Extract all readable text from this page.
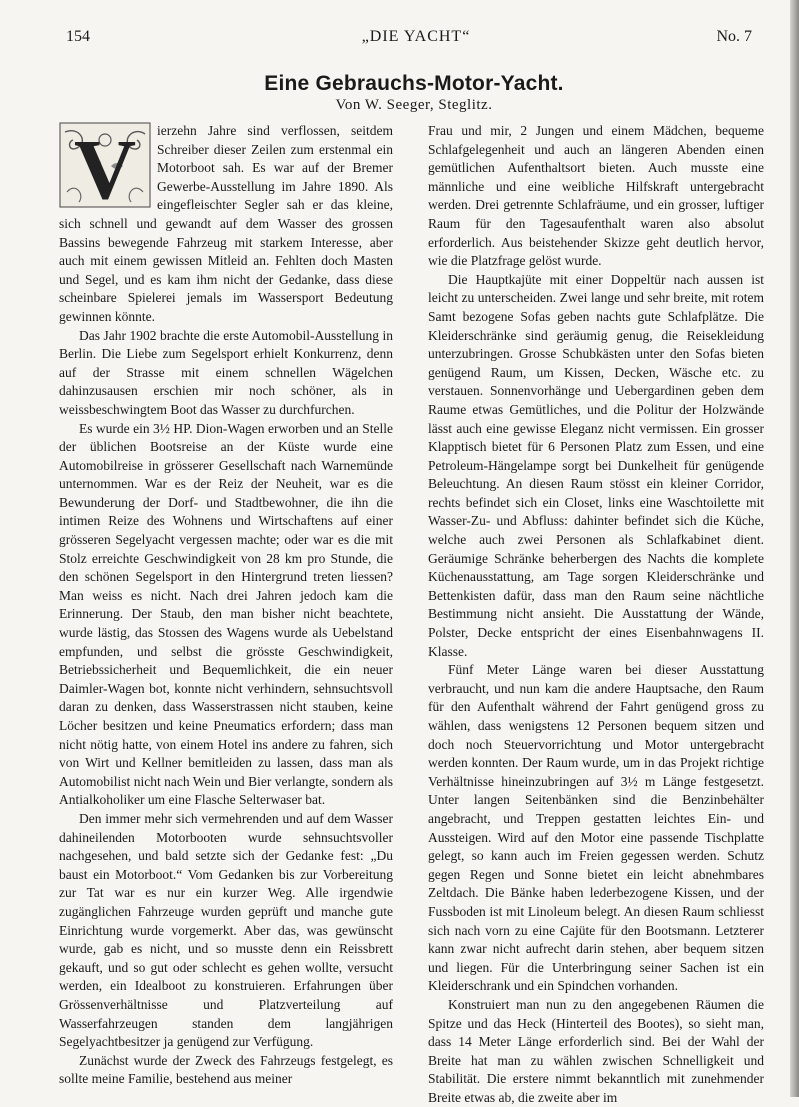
154	„DIE YACHT“	No. 7
Eine Gebrauchs-Motor-Yacht.
Von W. Seeger, Steglitz.

V ierzehn Jahre sind verflossen, seitdem Schreiber dieser Zeilen zum erstenmal ein Motorboot sah. Es war auf der Bremer Gewerbe-Ausstellung im Jahre 1890. Als eingefleischter Segler sah er das kleine, sich schnell und gewandt auf dem Wasser des grossen Bassins bewegende Fahrzeug mit starkem Interesse, aber auch mit einem gewissen Mitleid an. Fehlten doch Masten und Segel, und es kam ihm nicht der Gedanke, dass diese scheinbare Spielerei jemals im Wassersport Bedeutung gewinnen könnte.

Das Jahr 1902 brachte die erste Automobil-Ausstellung in Berlin. Die Liebe zum Segelsport erhielt Konkurrenz, denn auf der Strasse mit einem schnellen Wägelchen dahinzusausen erschien mir noch schöner, als in weissbeschwingtem Boot das Wasser zu durchfurchen.

Es wurde ein 3½ HP. Dion-Wagen erworben und an Stelle der üblichen Bootsreise an der Küste wurde eine Automobilreise in grösserer Gesellschaft nach Warnemünde unternommen. War es der Reiz der Neuheit, war es die Bewunderung der Dorf- und Stadtbewohner, die ihn die intimen Reize des Wohnens und Wirtschaftens auf einer grösseren Segelyacht vergessen machte; oder war es die mit Stolz erreichte Geschwindigkeit von 28 km pro Stunde, die den schönen Segelsport in den Hintergrund treten liessen? Man weiss es nicht. Nach drei Jahren jedoch kam die Erinnerung. Der Staub, den man bisher nicht beachtete, wurde lästig, das Stossen des Wagens wurde als Uebelstand empfunden, und selbst die grösste Geschwindigkeit, Betriebssicherheit und Bequemlichkeit, die ein neuer Daimler-Wagen bot, konnte nicht verhindern, sehnsuchtsvoll daran zu denken, dass Wasserstrassen nicht stauben, keine Löcher besitzen und keine Pneumatics erfordern; dass man nicht nötig hatte, von einem Hotel ins andere zu fahren, sich von Wirt und Kellner bemitleiden zu lassen, dass man als Automobilist nicht nach Wein und Bier verlangte, sondern als Antialkoholiker um eine Flasche Selterwaser bat.

Den immer mehr sich vermehrenden und auf dem Wasser dahineilenden Motorbooten wurde sehnsuchtsvoller nachgesehen, und bald setzte sich der Gedanke fest: „Du baust ein Motorboot.“ Vom Gedanken bis zur Vorbereitung zur Tat war es nur ein kurzer Weg. Alle irgendwie zugänglichen Fahrzeuge wurden geprüft und manche gute Einrichtung wurde vorgemerkt. Aber das, was gewünscht wurde, gab es nicht, und so musste denn ein Reissbrett gekauft, und so gut oder schlecht es gehen wollte, versucht werden, ein Idealboot zu konstruieren. Erfahrungen über Grössenverhältnisse und Platzverteilung auf Wasserfahrzeugen standen dem langjährigen Segelyachtbesitzer ja genügend zur Verfügung.

Zunächst wurde der Zweck des Fahrzeugs festgelegt, es sollte meine Familie, bestehend aus meiner

Frau und mir, 2 Jungen und einem Mädchen, bequeme Schlafgelegenheit und auch an längeren Abenden einen gemütlichen Aufenthaltsort bieten. Auch musste eine männliche und eine weibliche Hilfskraft untergebracht werden. Drei getrennte Schlafräume, und ein grosser, luftiger Raum für den Tagesaufenthalt waren also absolut erforderlich. Aus beistehender Skizze geht deutlich hervor, wie die Platzfrage gelöst wurde.

Die Hauptkajüte mit einer Doppeltür nach aussen ist leicht zu unterscheiden. Zwei lange und sehr breite, mit rotem Samt bezogene Sofas geben nachts gute Schlafplätze. Die Kleiderschränke sind geräumig genug, die Reisekleidung unterzubringen. Grosse Schubkästen unter den Sofas bieten genügend Raum, um Kissen, Decken, Wäsche etc. zu verstauen. Sonnenvorhänge und Uebergardinen geben dem Raume etwas Gemütliches, und die Politur der Holzwände lässt auch eine gewisse Eleganz nicht vermissen. Ein grosser Klapptisch bietet für 6 Personen Platz zum Essen, und eine Petroleum-Hängelampe sorgt bei Dunkelheit für genügende Beleuchtung. An diesen Raum stösst ein kleiner Corridor, rechts befindet sich ein Closet, links eine Waschtoilette mit Wasser-Zu- und Abfluss: dahinter befindet sich die Küche, welche auch zwei Personen als Schlafkabinet dient. Geräumige Schränke beherbergen des Nachts die komplete Küchenausstattung, am Tage sorgen Kleiderschränke und Bettenkisten dafür, dass man den Raum seine nächtliche Bestimmung nicht ansieht. Die Ausstattung der Wände, Polster, Decke entspricht der eines Eisenbahnwagens II. Klasse.

Fünf Meter Länge waren bei dieser Ausstattung verbraucht, und nun kam die andere Hauptsache, den Raum für den Aufenthalt während der Fahrt genügend gross zu wählen, dass wenigstens 12 Personen bequem sitzen und doch noch Steuervorrichtung und Motor untergebracht werden konnten. Der Raum wurde, um in das Projekt richtige Verhältnisse hineinzubringen auf 3½ m Länge festgesetzt. Unter langen Seitenbänken sind die Benzinbehälter angebracht, und Treppen gestatten leichtes Ein- und Aussteigen. Wird auf den Motor eine passende Tischplatte gelegt, so kann auch im Freien gegessen werden. Schutz gegen Regen und Sonne bietet ein leicht abnehmbares Zeltdach. Die Bänke haben lederbezogene Kissen, und der Fussboden ist mit Linoleum belegt. An diesen Raum schliesst sich nach vorn zu eine Cajüte für den Bootsmann. Letzterer kann zwar nicht aufrecht darin stehen, aber bequem sitzen und liegen. Für die Unterbringung seiner Sachen ist ein Kleiderschrank und ein Spindchen vorhanden.

Konstruiert man nun zu den angegebenen Räumen die Spitze und das Heck (Hinterteil des Bootes), so sieht man, dass 14 Meter Länge erforderlich sind. Bei der Wahl der Breite hat man zu wählen zwischen Schnelligkeit und Stabilität. Die erstere nimmt bekanntlich mit zunehmender Breite etwas ab, die zweite aber im
